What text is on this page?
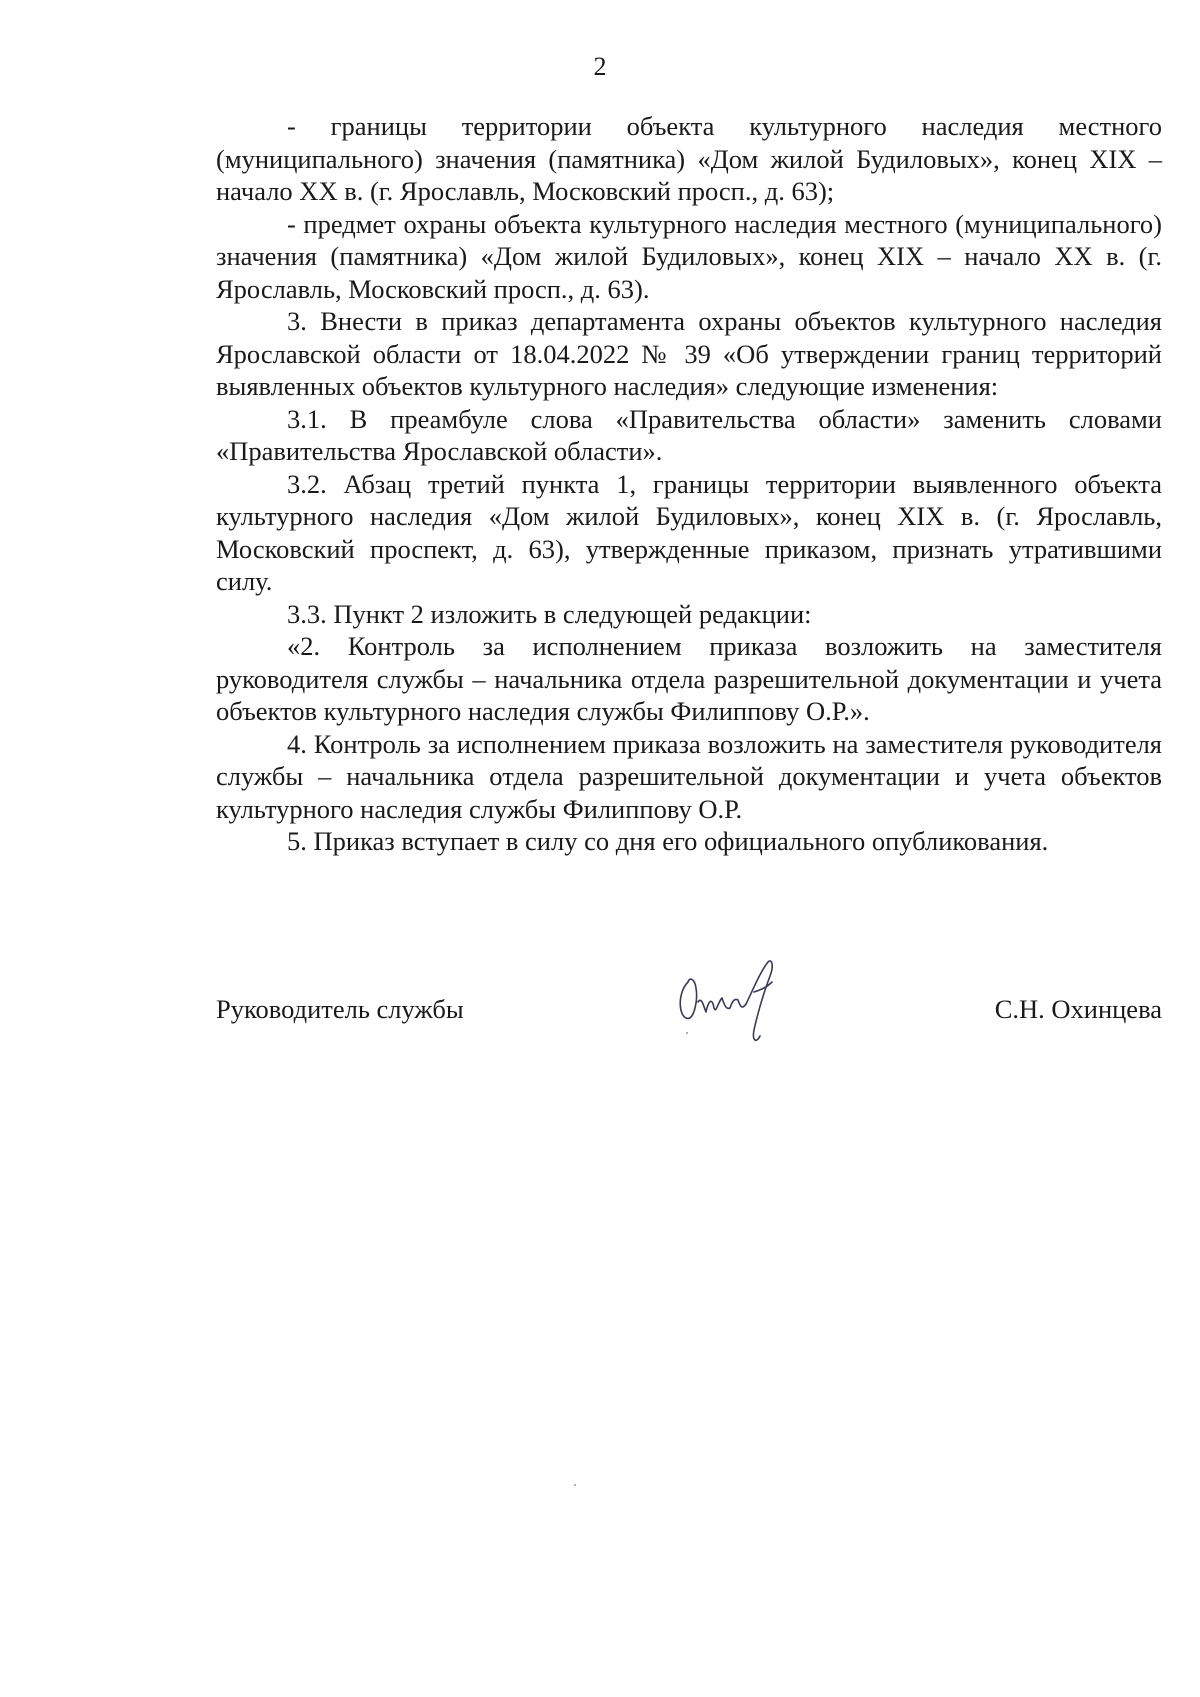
2

- границы территории объекта культурного наследия местного (муниципального) значения (памятника) «Дом жилой Будиловых», конец XIX – начало XX в. (г. Ярославль, Московский просп., д. 63);

- предмет охраны объекта культурного наследия местного (муниципального) значения (памятника) «Дом жилой Будиловых», конец XIX – начало XX в. (г. Ярославль, Московский просп., д. 63).

3. Внести в приказ департамента охраны объектов культурного наследия Ярославской области от 18.04.2022 № 39 «Об утверждении границ территорий выявленных объектов культурного наследия» следующие изменения:

3.1. В преамбуле слова «Правительства области» заменить словами «Правительства Ярославской области».

3.2. Абзац третий пункта 1, границы территории выявленного объекта культурного наследия «Дом жилой Будиловых», конец XIX в. (г. Ярославль, Московский проспект, д. 63), утвержденные приказом, признать утратившими силу.

3.3. Пункт 2 изложить в следующей редакции:

«2. Контроль за исполнением приказа возложить на заместителя руководителя службы – начальника отдела разрешительной документации и учета объектов культурного наследия службы Филиппову О.Р.».

4. Контроль за исполнением приказа возложить на заместителя руководителя службы – начальника отдела разрешительной документации и учета объектов культурного наследия службы Филиппову О.Р.

5. Приказ вступает в силу со дня его официального опубликования.

Руководитель службы	С.Н. Охинцева
